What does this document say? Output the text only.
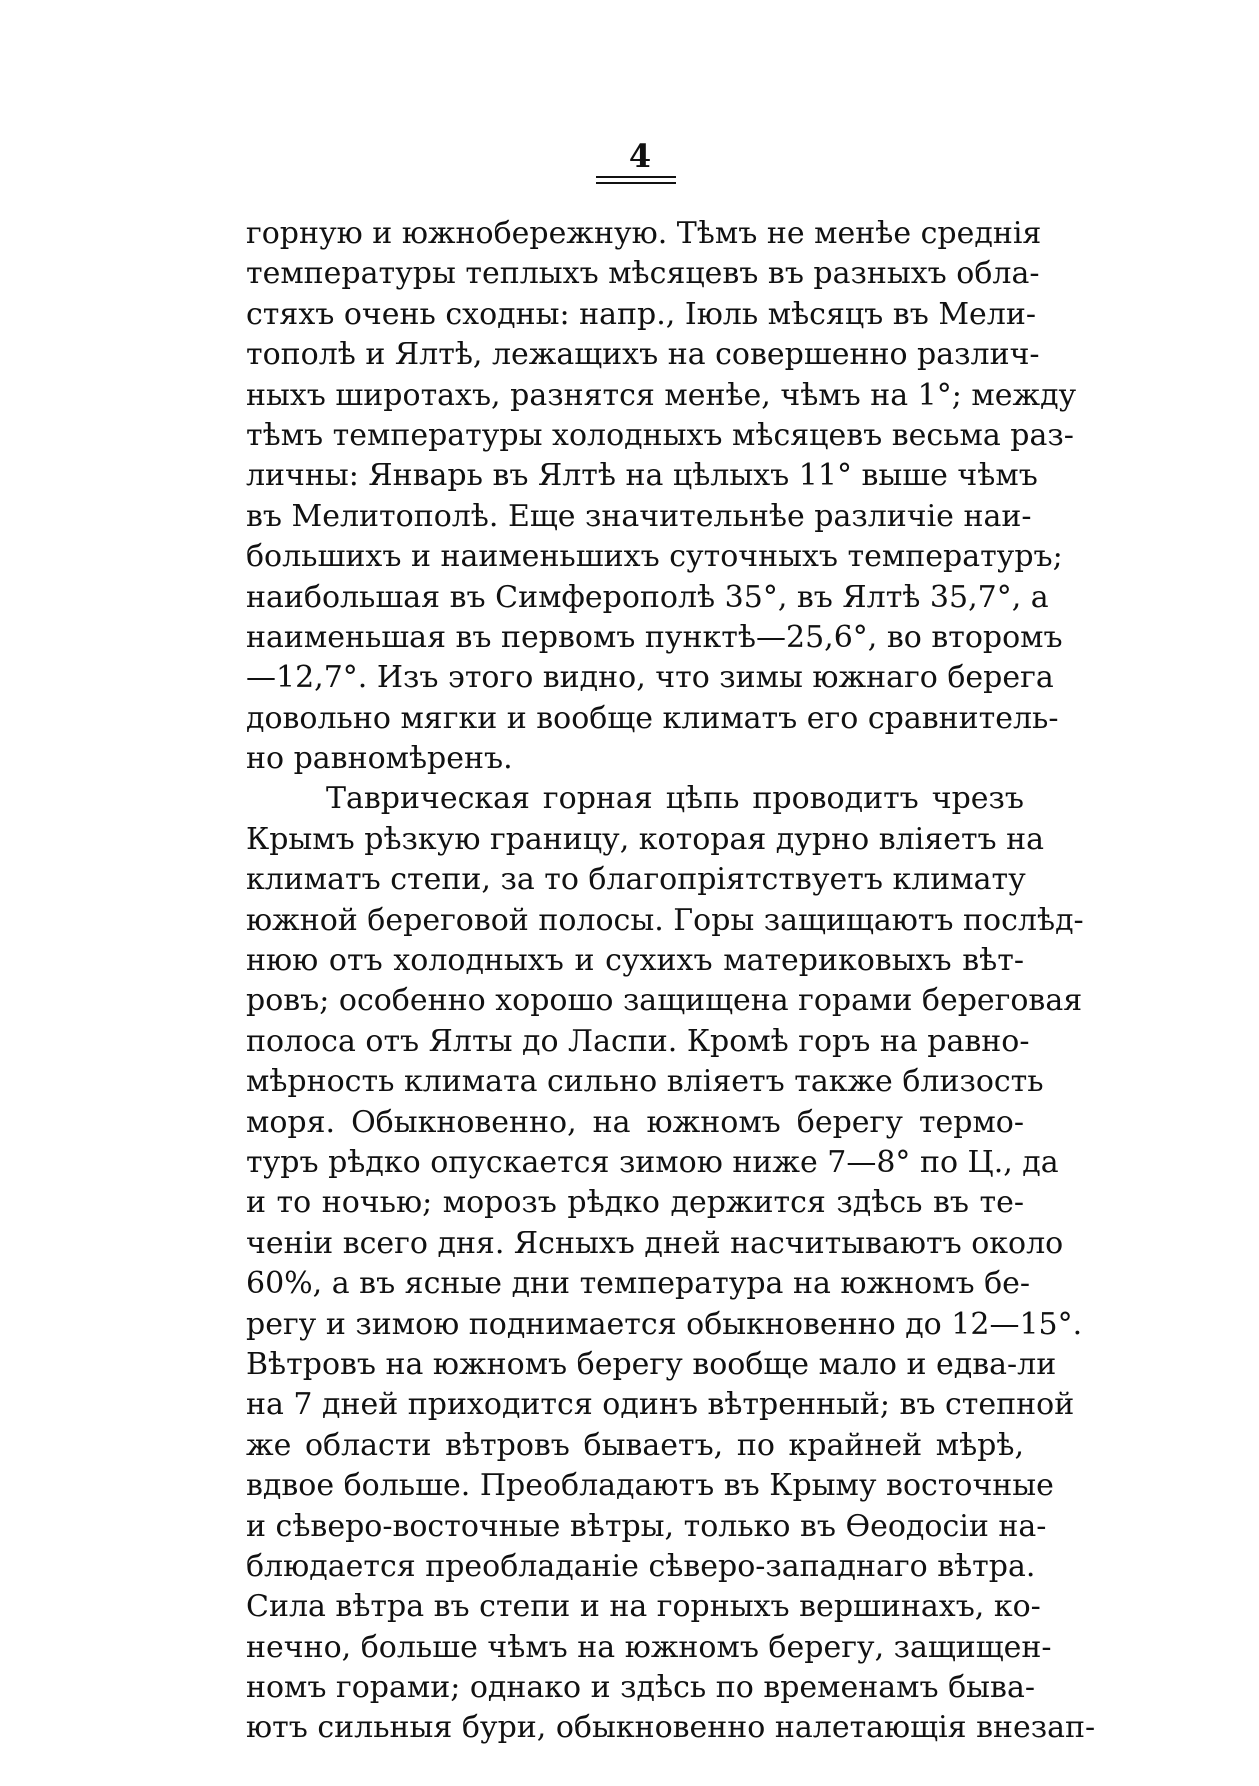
4
горную и южнобережную. Тѣмъ не менѣе среднія
температуры теплыхъ мѣсяцевъ въ разныхъ обла-
стяхъ очень сходны: напр., Іюль мѣсяцъ въ Мели-
тополѣ и Ялтѣ, лежащихъ на совершенно различ-
ныхъ широтахъ, разнятся менѣе, чѣмъ на 1°; между
тѣмъ температуры холодныхъ мѣсяцевъ весьма раз-
личны: Январь въ Ялтѣ на цѣлыхъ 11° выше чѣмъ
въ Мелитополѣ. Еще значительнѣе различіе наи-
большихъ и наименьшихъ суточныхъ температуръ;
наибольшая въ Симферополѣ 35°, въ Ялтѣ 35,7°, а
наименьшая въ первомъ пунктѣ—25,6°, во второмъ
—12,7°. Изъ этого видно, что зимы южнаго берега
довольно мягки и вообще климатъ его сравнитель-
но равномѣренъ.
Таврическая горная цѣпь проводитъ чрезъ
Крымъ рѣзкую границу, которая дурно вліяетъ на
климатъ степи, за то благопріятствуетъ климату
южной береговой полосы. Горы защищаютъ послѣд-
нюю отъ холодныхъ и сухихъ материковыхъ вѣт-
ровъ; особенно хорошо защищена горами береговая
полоса отъ Ялты до Ласпи. Кромѣ горъ на равно-
мѣрность климата сильно вліяетъ также близость
моря. Обыкновенно, на южномъ берегу термо-
туръ рѣдко опускается зимою ниже 7—8° по Ц., да
и то ночью; морозъ рѣдко держится здѣсь въ те-
ченіи всего дня. Ясныхъ дней насчитываютъ около
60%, а въ ясные дни температура на южномъ бе-
регу и зимою поднимается обыкновенно до 12—15°.
Вѣтровъ на южномъ берегу вообще мало и едва-ли
на 7 дней приходится одинъ вѣтренный; въ степной
же области вѣтровъ бываетъ, по крайней мѣрѣ,
вдвое больше. Преобладаютъ въ Крыму восточные
и сѣверо-восточные вѣтры, только въ Ѳеодосіи на-
блюдается преобладаніе сѣверо-западнаго вѣтра.
Сила вѣтра въ степи и на горныхъ вершинахъ, ко-
нечно, больше чѣмъ на южномъ берегу, защищен-
номъ горами; однако и здѣсь по временамъ быва-
ютъ сильныя бури, обыкновенно налетающія внезап-
